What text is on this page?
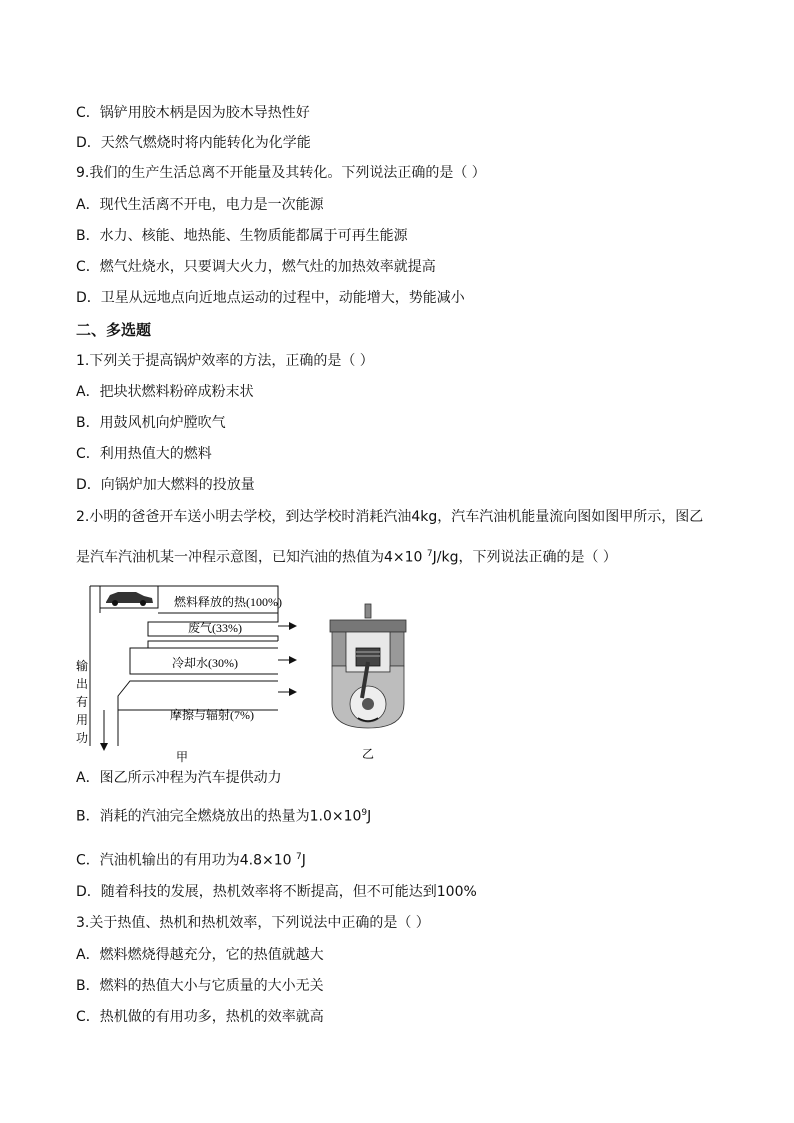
C．锅铲用胶木柄是因为胶木导热性好
D．天然气燃烧时将内能转化为化学能
9.我们的生产生活总离不开能量及其转化。下列说法正确的是（ ）
A．现代生活离不开电，电力是一次能源
B．水力、核能、地热能、生物质能都属于可再生能源
C．燃气灶烧水，只要调大火力，燃气灶的加热效率就提高
D．卫星从远地点向近地点运动的过程中，动能增大，势能减小
二、多选题
1.下列关于提高锅炉效率的方法，正确的是（ ）
A．把块状燃料粉碎成粉末状
B．用鼓风机向炉膛吹气
C．利用热值大的燃料
D．向锅炉加大燃料的投放量
2.小明的爸爸开车送小明去学校，到达学校时消耗汽油4kg，汽车汽油机能量流向图如图甲所示，图乙
是汽车汽油机某一冲程示意图，已知汽油的热值为4×10 $^7$J/kg，下列说法正确的是（ ）
燃料释放的热(100%)
废气(33%)
冷却水(30%)
摩擦与辐射(7%)
输
出
有
用
功
甲	乙
A．图乙所示冲程为汽车提供动力
B．消耗的汽油完全燃烧放出的热量为$1.0\times 10^9J$
C．汽油机输出的有用功为4.8×10 $^7$J
D．随着科技的发展，热机效率将不断提高，但不可能达到100%
3.关于热值、热机和热机效率，下列说法中正确的是（ ）
A．燃料燃烧得越充分，它的热值就越大
B．燃料的热值大小与它质量的大小无关
C．热机做的有用功多，热机的效率就高
